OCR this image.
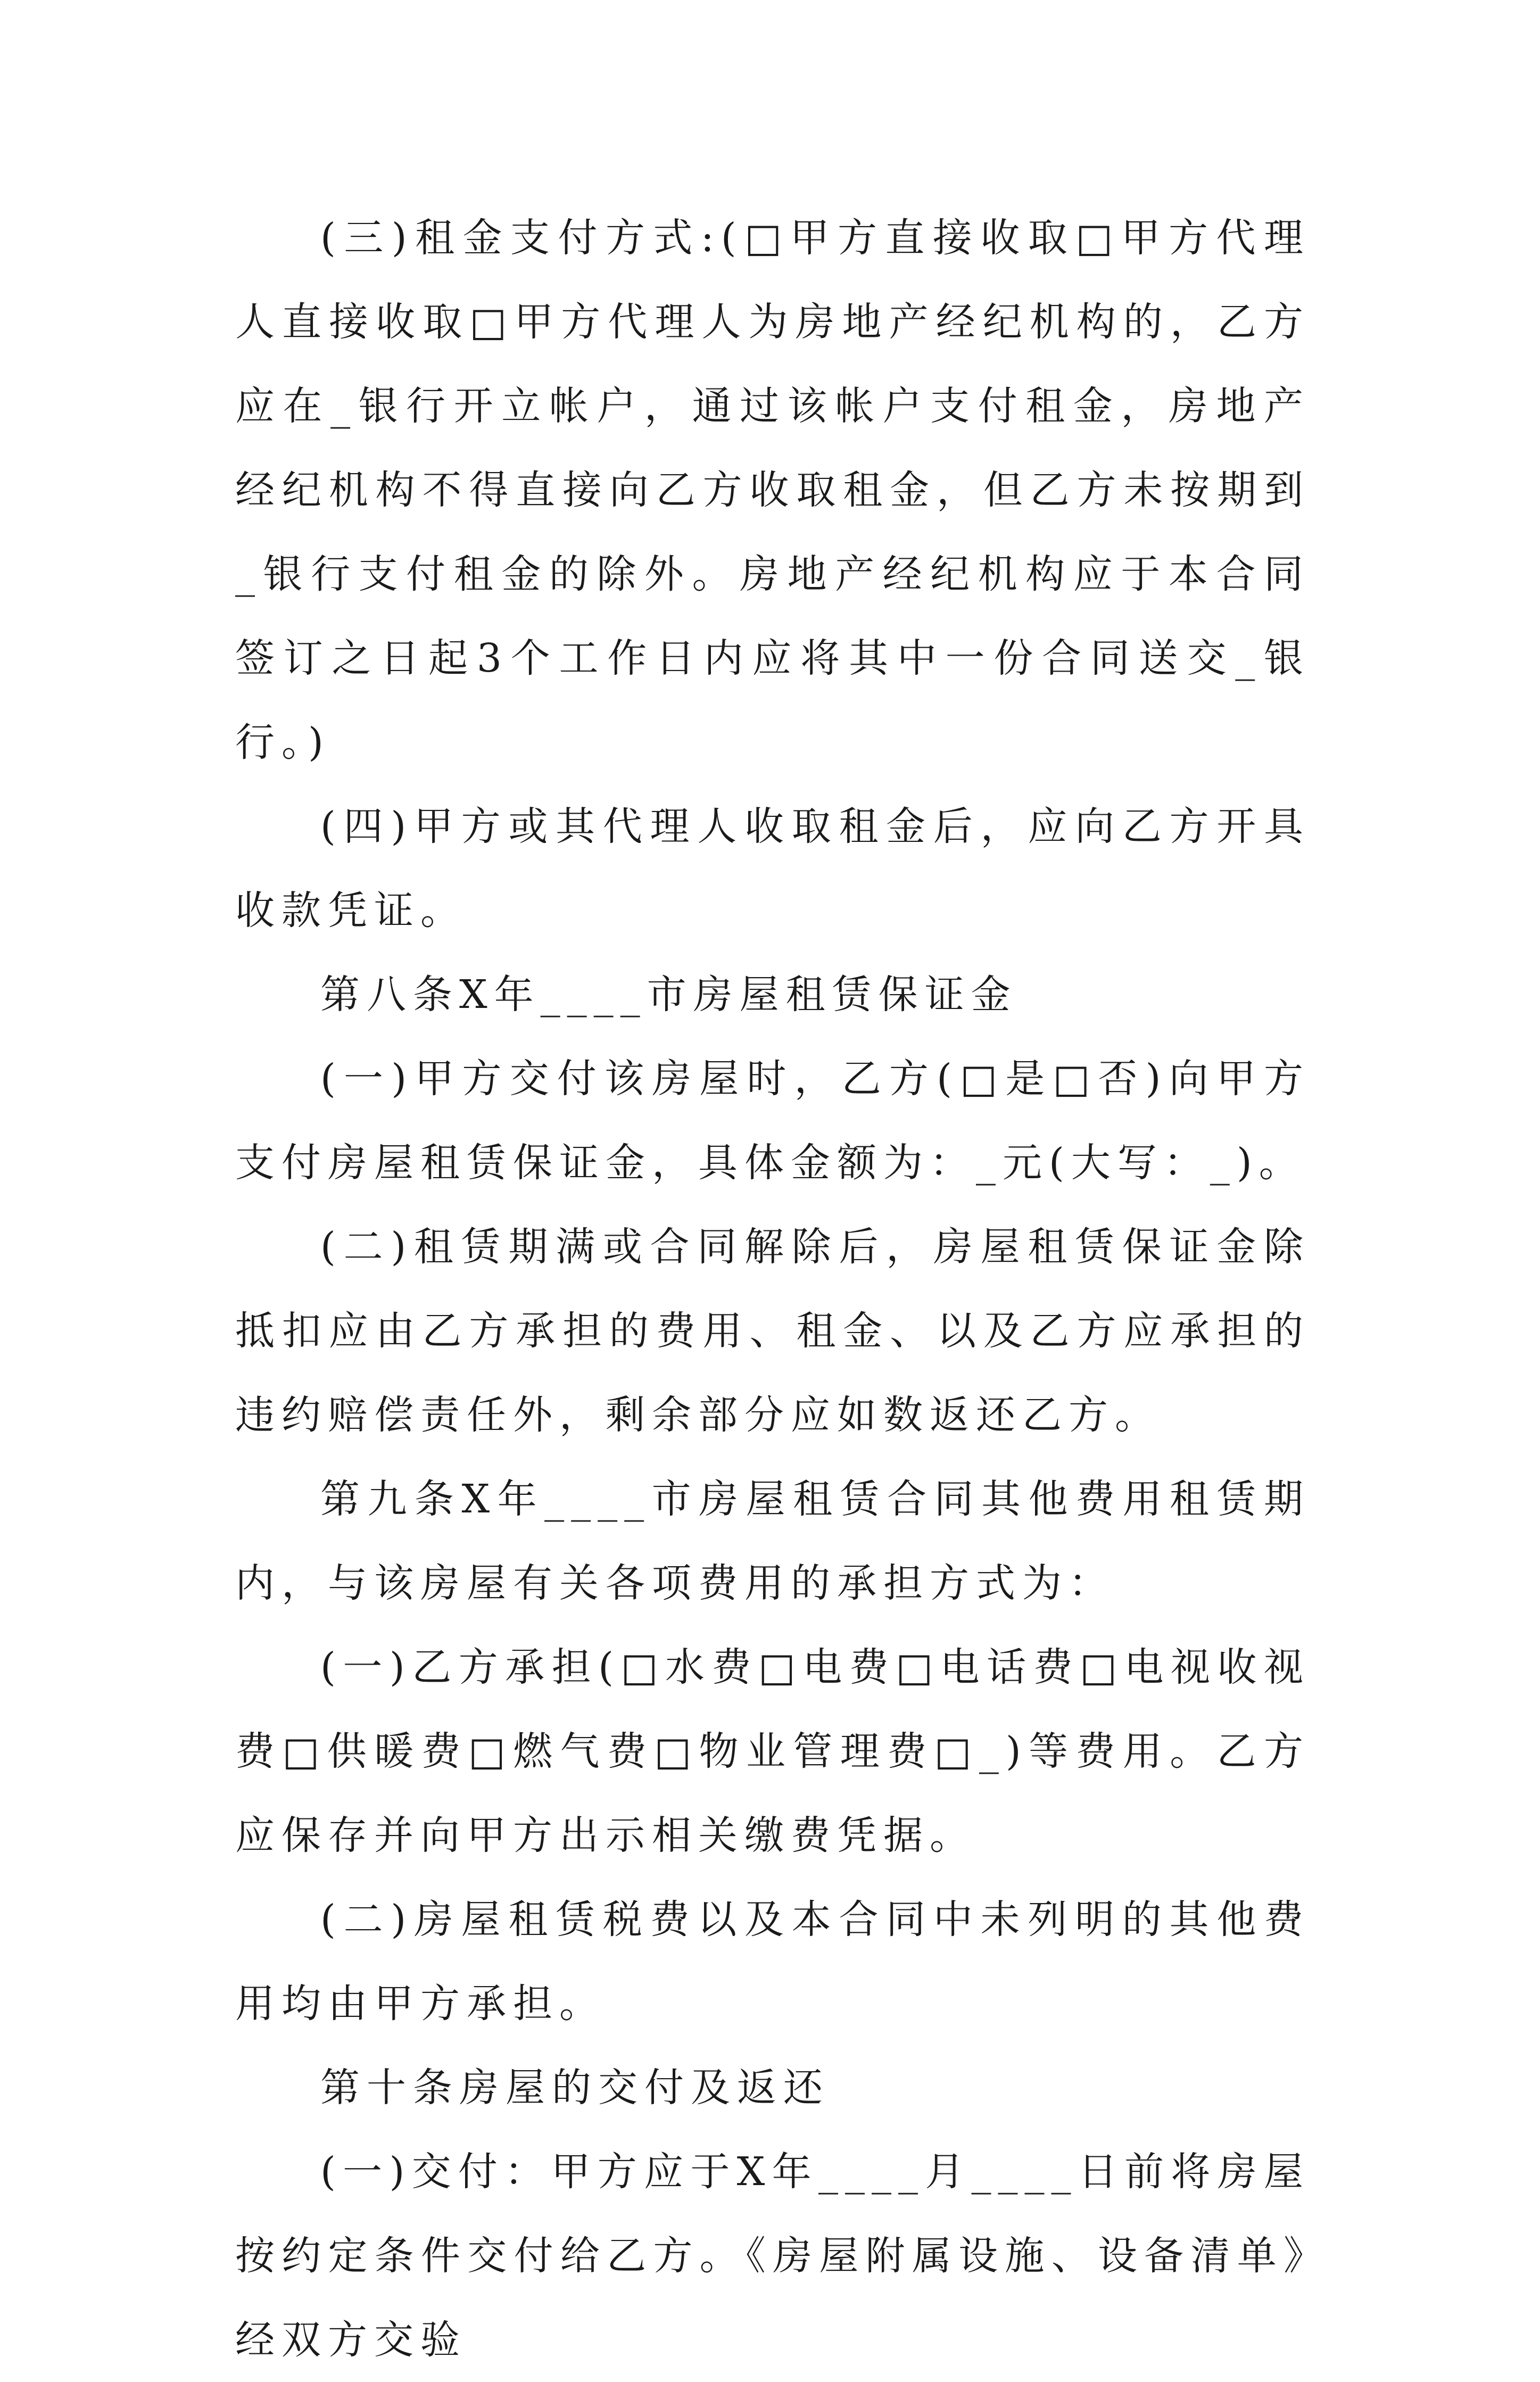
(三)租金支付方式:(□甲方直接收取□甲方代理人直接收取□甲方代理人为房地产经纪机构的，乙方应在_银行开立帐户，通过该帐户支付租金，房地产经纪机构不得直接向乙方收取租金，但乙方未按期到_银行支付租金的除外。房地产经纪机构应于本合同签订之日起3个工作日内应将其中一份合同送交_银行。)

(四)甲方或其代理人收取租金后，应向乙方开具收款凭证。

第八条X年____市房屋租赁保证金

(一)甲方交付该房屋时，乙方(□是□否)向甲方支付房屋租赁保证金，具体金额为：_元(大写：_)。

(二)租赁期满或合同解除后，房屋租赁保证金除抵扣应由乙方承担的费用、租金、以及乙方应承担的违约赔偿责任外，剩余部分应如数返还乙方。

第九条X年____市房屋租赁合同其他费用租赁期内，与该房屋有关各项费用的承担方式为：

(一)乙方承担(□水费□电费□电话费□电视收视费□供暖费□燃气费□物业管理费□_)等费用。乙方应保存并向甲方出示相关缴费凭据。

(二)房屋租赁税费以及本合同中未列明的其他费用均由甲方承担。

第十条房屋的交付及返还

(一)交付：甲方应于X年____月____日前将房屋按约定条件交付给乙方。《房屋附属设施、设备清单》经双方交验
